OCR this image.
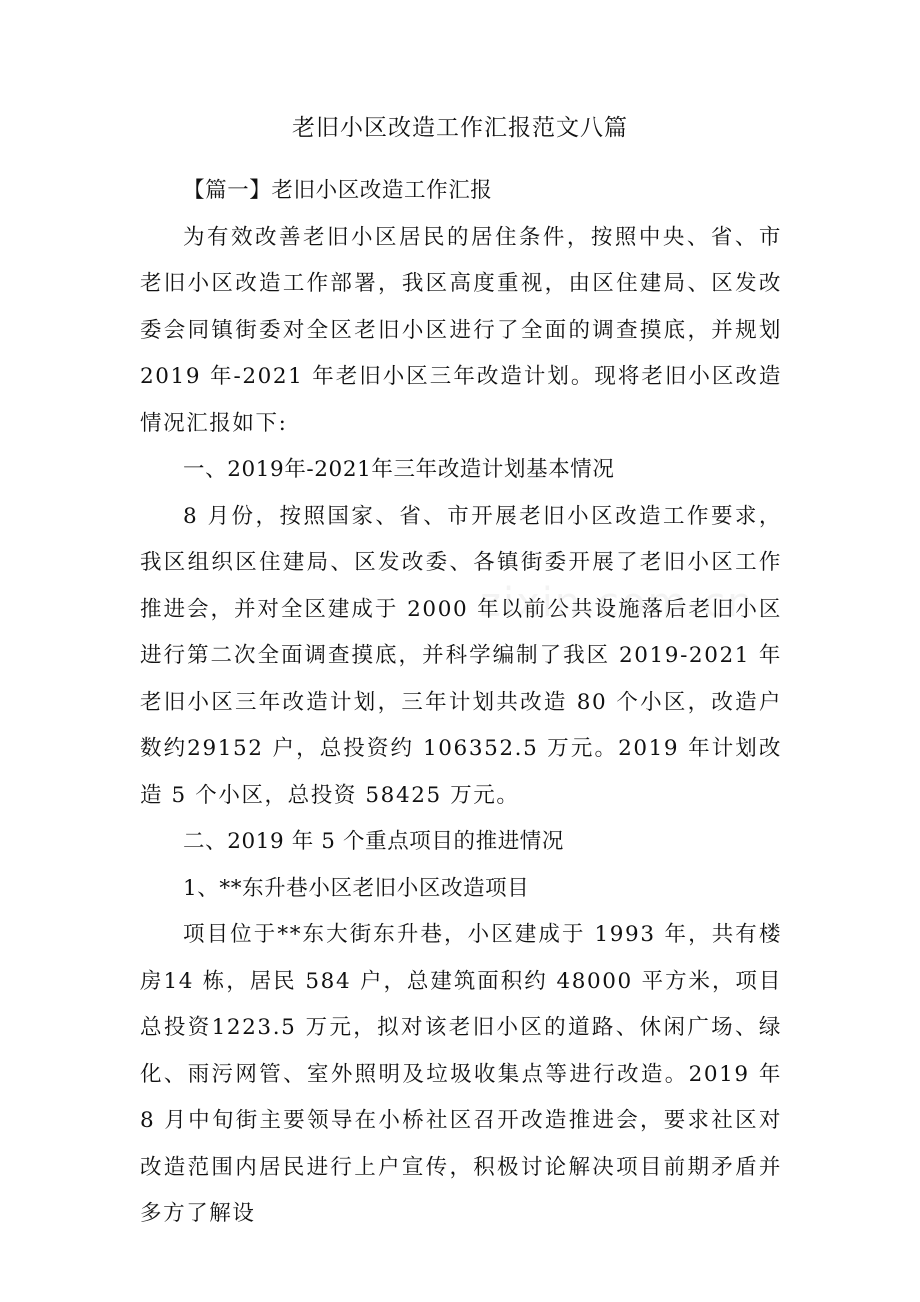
老旧小区改造工作汇报范文八篇

【篇一】老旧小区改造工作汇报

为有效改善老旧小区居民的居住条件，按照中央、省、市老旧小区改造工作部署，我区高度重视，由区住建局、区发改委会同镇街委对全区老旧小区进行了全面的调查摸底，并规划2019 年-2021 年老旧小区三年改造计划。现将老旧小区改造情况汇报如下:

一、2019年-2021年三年改造计划基本情况

8 月份，按照国家、省、市开展老旧小区改造工作要求，我区组织区住建局、区发改委、各镇街委开展了老旧小区工作推进会，并对全区建成于 2000 年以前公共设施落后老旧小区进行第二次全面调查摸底，并科学编制了我区 2019-2021 年老旧小区三年改造计划，三年计划共改造 80 个小区，改造户数约29152 户，总投资约 106352.5 万元。2019 年计划改造 5 个小区，总投资 58425 万元。

二、2019 年 5 个重点项目的推进情况

1、**东升巷小区老旧小区改造项目

项目位于**东大街东升巷，小区建成于 1993 年，共有楼房14 栋，居民 584 户，总建筑面积约 48000 平方米，项目总投资1223.5 万元，拟对该老旧小区的道路、休闲广场、绿化、雨污网管、室外照明及垃圾收集点等进行改造。2019 年 8 月中旬街主要领导在小桥社区召开改造推进会，要求社区对改造范围内居民进行上户宣传，积极讨论解决项目前期矛盾并多方了解设
